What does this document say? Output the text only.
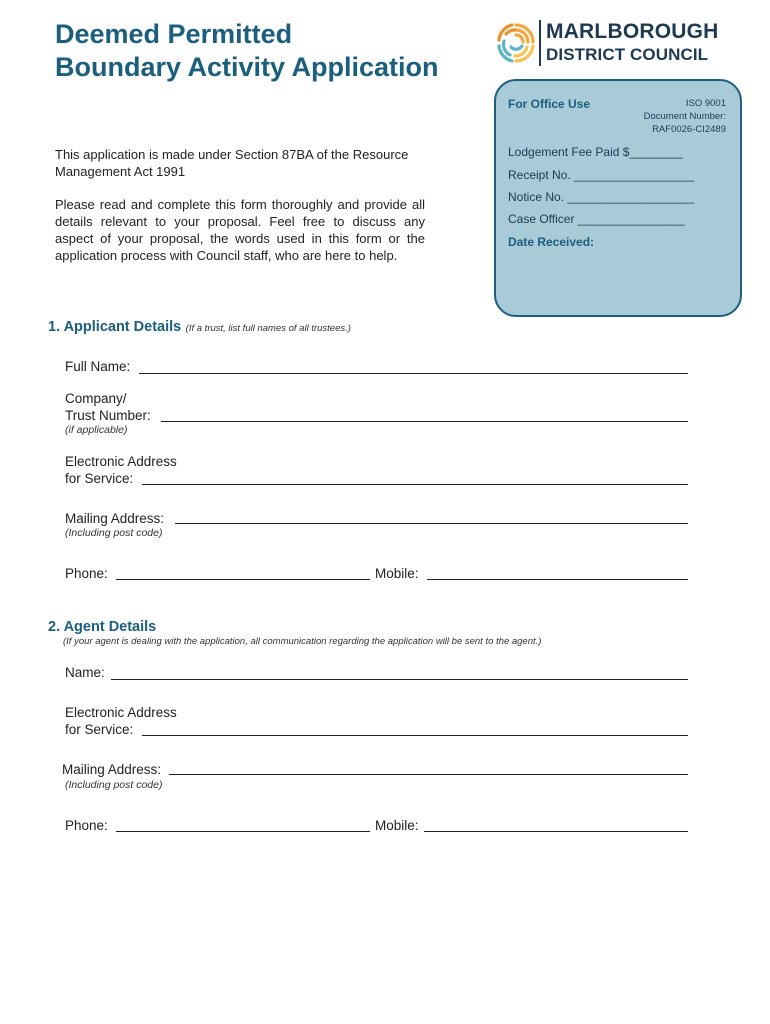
Deemed Permitted
Boundary Activity Application
MARLBOROUGH
DISTRICT COUNCIL
For Office Use	ISO 9001
Document Number:
RAF0026-CI2489
Lodgement Fee Paid $________
Receipt No. __________________
Notice No. ___________________
Case Officer ________________
Date Received:
This application is made under Section 87BA of the Resource Management Act 1991
Please read and complete this form thoroughly and provide all details relevant to your proposal. Feel free to discuss any aspect of your proposal, the words used in this form or the application process with Council staff, who are here to help.
1. Applicant Details (If a trust, list full names of all trustees.)
Full Name:
Company/
Trust Number:
(if applicable)
Electronic Address
for Service:
Mailing Address:
(Including post code)
Phone:	Mobile:
2. Agent Details
(If your agent is dealing with the application, all communication regarding the application will be sent to the agent.)
Name:
Electronic Address
for Service:
Mailing Address:
(Including post code)
Phone:	Mobile:
